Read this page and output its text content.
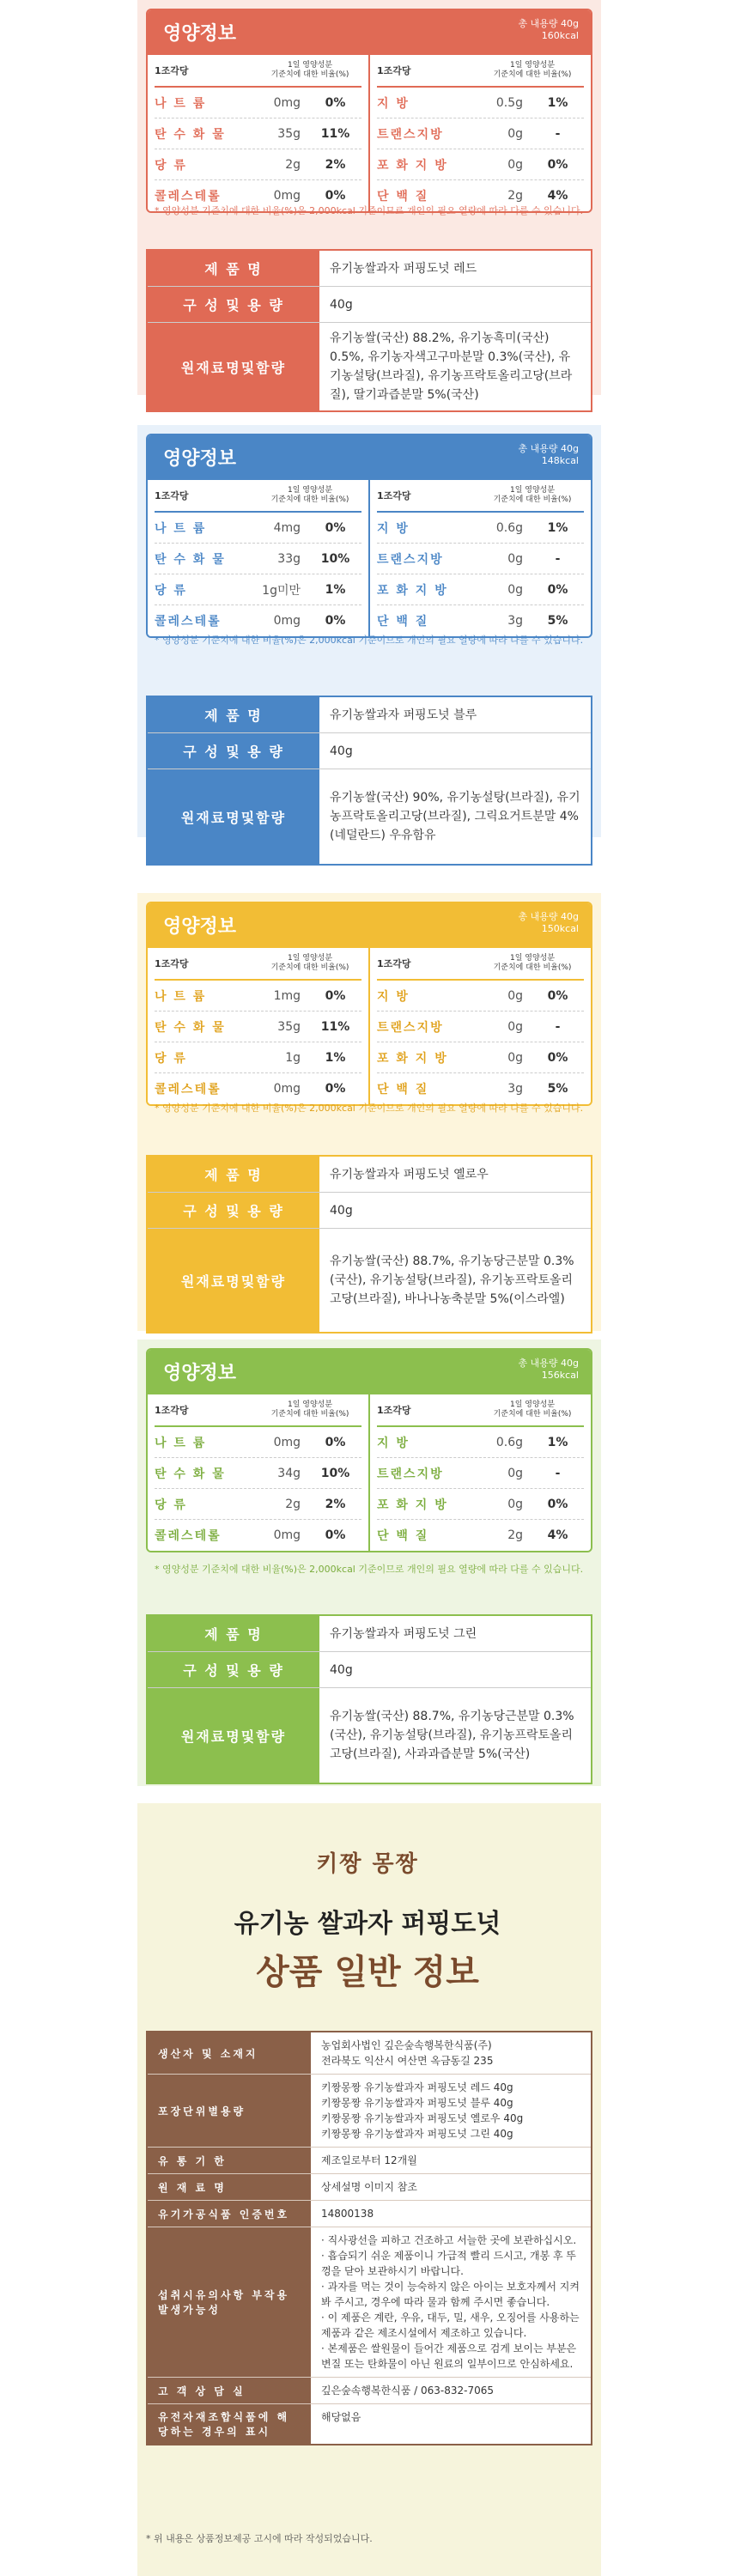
영양정보	총 내용량 40g
160kcal
1조각당	1일 영양성분
기준치에 대한 비율(%)
나 트 륨	0mg	0%
탄 수 화 물	35g	11%
당 류	2g	2%
콜레스테롤	0mg	0%
1조각당	1일 영양성분
기준치에 대한 비율(%)
지 방	0.5g	1%
트랜스지방	0g	-
포 화 지 방	0g	0%
단 백 질	2g	4%
* 영양성분 기준치에 대한 비율(%)은 2,000kcal 기준이므로 개인의 필요 열량에 따라 다를 수 있습니다.
제 품 명	유기농쌀과자 퍼핑도넛 레드
구 성 및 용 량	40g
원재료명및함량
유기농쌀(국산) 88.2%, 유기농흑미(국산) 0.5%, 유기농자색고구마분말 0.3%(국산), 유기농설탕(브라질), 유기농프락토올리고당(브라질), 딸기과즙분말 5%(국산)
영양정보	총 내용량 40g
148kcal
1조각당	1일 영양성분
기준치에 대한 비율(%)
나 트 륨	4mg	0%
탄 수 화 물	33g	10%
당 류	1g미만	1%
콜레스테롤	0mg	0%
1조각당	1일 영양성분
기준치에 대한 비율(%)
지 방	0.6g	1%
트랜스지방	0g	-
포 화 지 방	0g	0%
단 백 질	3g	5%
* 영양성분 기준치에 대한 비율(%)은 2,000kcal 기준이므로 개인의 필요 열량에 따라 다를 수 있습니다.
제 품 명	유기농쌀과자 퍼핑도넛 블루
구 성 및 용 량	40g
원재료명및함량
유기농쌀(국산) 90%, 유기농설탕(브라질), 유기농프락토올리고당(브라질), 그릭요거트분말 4%(네덜란드) 우유함유
영양정보	총 내용량 40g
150kcal
1조각당	1일 영양성분
기준치에 대한 비율(%)
나 트 륨	1mg	0%
탄 수 화 물	35g	11%
당 류	1g	1%
콜레스테롤	0mg	0%
1조각당	1일 영양성분
기준치에 대한 비율(%)
지 방	0g	0%
트랜스지방	0g	-
포 화 지 방	0g	0%
단 백 질	3g	5%
* 영양성분 기준치에 대한 비율(%)은 2,000kcal 기준이므로 개인의 필요 열량에 따라 다를 수 있습니다.
제 품 명	유기농쌀과자 퍼핑도넛 옐로우
구 성 및 용 량	40g
원재료명및함량
유기농쌀(국산) 88.7%, 유기농당근분말 0.3%(국산), 유기농설탕(브라질), 유기농프락토올리고당(브라질), 바나나농축분말 5%(이스라엘)
영양정보	총 내용량 40g
156kcal
1조각당	1일 영양성분
기준치에 대한 비율(%)
나 트 륨	0mg	0%
탄 수 화 물	34g	10%
당 류	2g	2%
콜레스테롤	0mg	0%
1조각당	1일 영양성분
기준치에 대한 비율(%)
지 방	0.6g	1%
트랜스지방	0g	-
포 화 지 방	0g	0%
단 백 질	2g	4%
* 영양성분 기준치에 대한 비율(%)은 2,000kcal 기준이므로 개인의 필요 열량에 따라 다를 수 있습니다.
제 품 명	유기농쌀과자 퍼핑도넛 그린
구 성 및 용 량	40g
원재료명및함량
유기농쌀(국산) 88.7%, 유기농당근분말 0.3%(국산), 유기농설탕(브라질), 유기농프락토올리고당(브라질), 사과과즙분말 5%(국산)
키짱 몽짱
유기농 쌀과자 퍼핑도넛
상품 일반 정보
생산자 및 소재지
농업회사법인 깊은숲속행복한식품(주)
전라북도 익산시 여산면 옥금동길 235
포장단위별용량
키짱몽짱 유기농쌀과자 퍼핑도넛 레드 40g
키짱몽짱 유기농쌀과자 퍼핑도넛 블루 40g
키짱몽짱 유기농쌀과자 퍼핑도넛 옐로우 40g
키짱몽짱 유기농쌀과자 퍼핑도넛 그린 40g
유 통 기 한	제조일로부터 12개월
원 재 료 명	상세설명 이미지 참조
유기가공식품 인증번호	14800138
섭취시유의사항 부작용발생가능성
· 직사광선을 피하고 건조하고 서늘한 곳에 보관하십시오.
· 흡습되기 쉬운 제품이니 가급적 빨리 드시고, 개봉 후 뚜껑을 닫아 보관하시기 바랍니다.
· 과자를 먹는 것이 능숙하지 않은 아이는 보호자께서 지켜봐 주시고, 경우에 따라 물과 함께 주시면 좋습니다.
· 이 제품은 계란, 우유, 대두, 밀, 새우, 오징어를 사용하는 제품과 같은 제조시설에서 제조하고 있습니다.
· 본제품은 쌀원물이 들어간 제품으로 검게 보이는 부분은 변질 또는 탄화물이 아닌 원료의 일부이므로 안심하세요.
고 객 상 담 실	깊은숲속행복한식품 / 063-832-7065
유전자재조합식품에 해당하는 경우의 표시
해당없음
* 위 내용은 상품정보제공 고시에 따라 작성되었습니다.
